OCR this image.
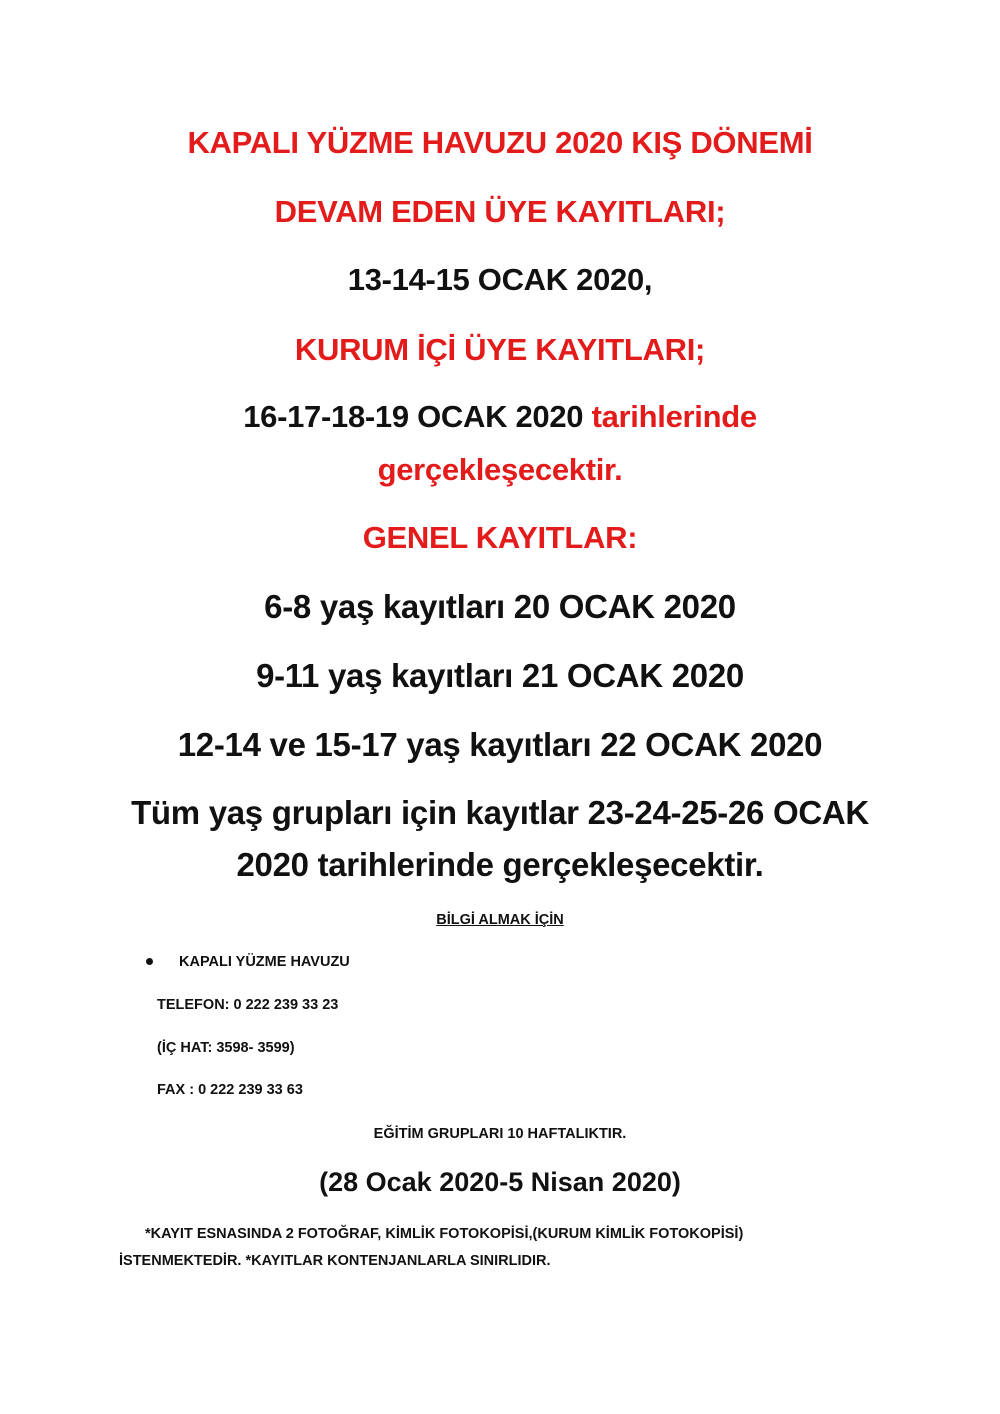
KAPALI YÜZME HAVUZU 2020 KIŞ DÖNEMİ
DEVAM EDEN ÜYE KAYITLARI;
13-14-15 OCAK 2020,
KURUM İÇİ ÜYE KAYITLARI;
16-17-18-19 OCAK 2020 tarihlerinde
gerçekleşecektir.
GENEL KAYITLAR:
6-8 yaş kayıtları 20 OCAK 2020
9-11 yaş kayıtları 21 OCAK 2020
12-14 ve 15-17 yaş kayıtları 22 OCAK 2020
Tüm yaş grupları için kayıtlar 23-24-25-26 OCAK
2020 tarihlerinde gerçekleşecektir.
BİLGİ ALMAK İÇİN
KAPALI YÜZME HAVUZU
TELEFON: 0 222 239 33 23
(İÇ HAT: 3598- 3599)
FAX : 0 222 239 33 63
EĞİTİM GRUPLARI 10 HAFTALIKTIR.
(28 Ocak 2020-5 Nisan 2020)
*KAYIT ESNASINDA 2 FOTOĞRAF, KİMLİK FOTOKOPİSİ,(KURUM KİMLİK FOTOKOPİSİ)
İSTENMEKTEDİR. *KAYITLAR KONTENJANLARLA SINIRLIDIR.
